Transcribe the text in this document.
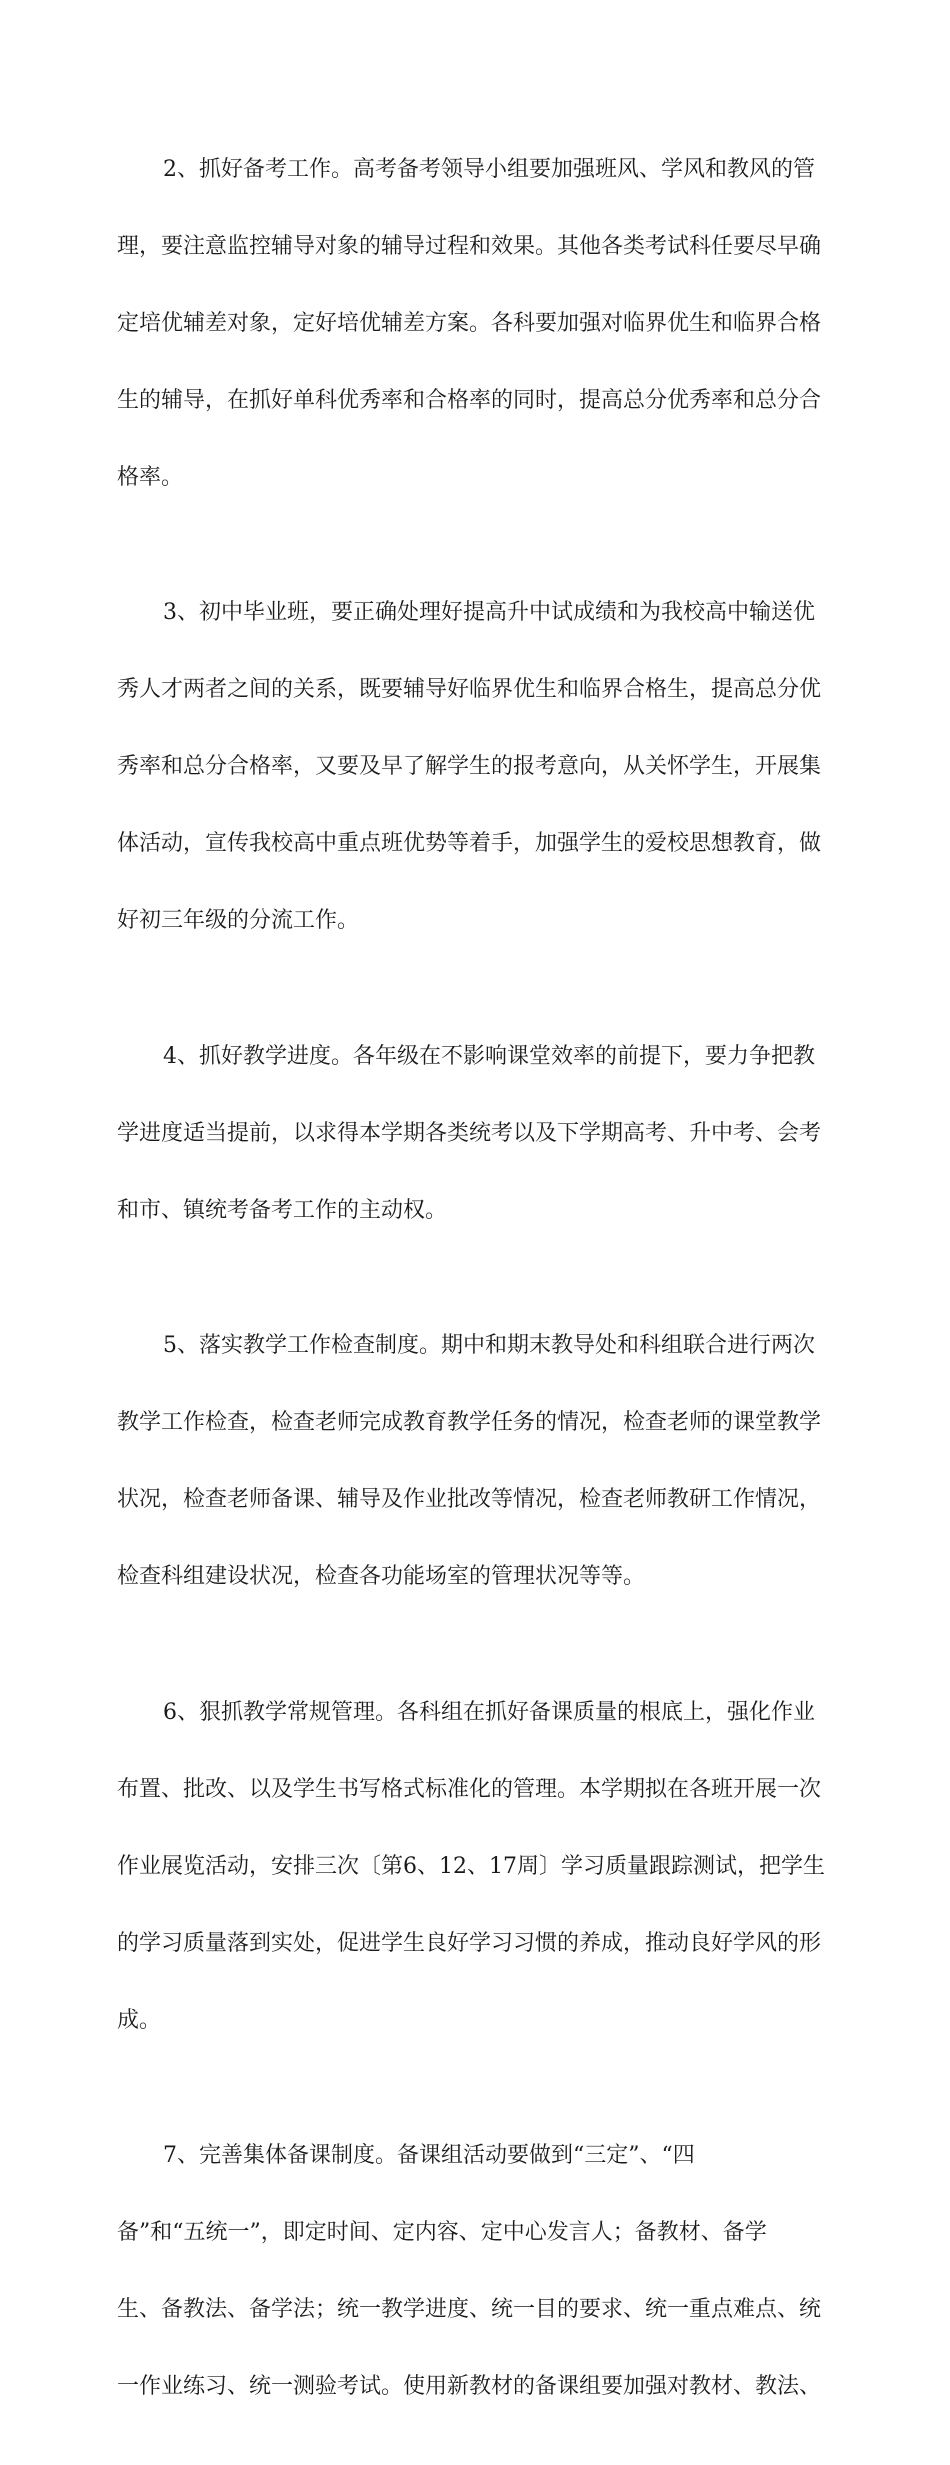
2、抓好备考工作。高考备考领导小组要加强班风、学风和教风的管

理，要注意监控辅导对象的辅导过程和效果。其他各类考试科任要尽早确

定培优辅差对象，定好培优辅差方案。各科要加强对临界优生和临界合格

生的辅导，在抓好单科优秀率和合格率的同时，提高总分优秀率和总分合

格率。

3、初中毕业班，要正确处理好提高升中试成绩和为我校高中输送优

秀人才两者之间的关系，既要辅导好临界优生和临界合格生，提高总分优

秀率和总分合格率，又要及早了解学生的报考意向，从关怀学生，开展集

体活动，宣传我校高中重点班优势等着手，加强学生的爱校思想教育，做

好初三年级的分流工作。

4、抓好教学进度。各年级在不影响课堂效率的前提下，要力争把教

学进度适当提前，以求得本学期各类统考以及下学期高考、升中考、会考

和市、镇统考备考工作的主动权。

5、落实教学工作检查制度。期中和期末教导处和科组联合进行两次

教学工作检查，检查老师完成教育教学任务的情况，检查老师的课堂教学

状况，检查老师备课、辅导及作业批改等情况，检查老师教研工作情况，

检查科组建设状况，检查各功能场室的管理状况等等。

6、狠抓教学常规管理。各科组在抓好备课质量的根底上，强化作业

布置、批改、以及学生书写格式标准化的管理。本学期拟在各班开展一次

作业展览活动，安排三次〔第6、12、17周〕学习质量跟踪测试，把学生

的学习质量落到实处，促进学生良好学习习惯的养成，推动良好学风的形

成。

7、完善集体备课制度。备课组活动要做到“三定”、“四

备”和“五统一”，即定时间、定内容、定中心发言人；备教材、备学

生、备教法、备学法；统一教学进度、统一目的要求、统一重点难点、统

一作业练习、统一测验考试。使用新教材的备课组要加强对教材、教法、
